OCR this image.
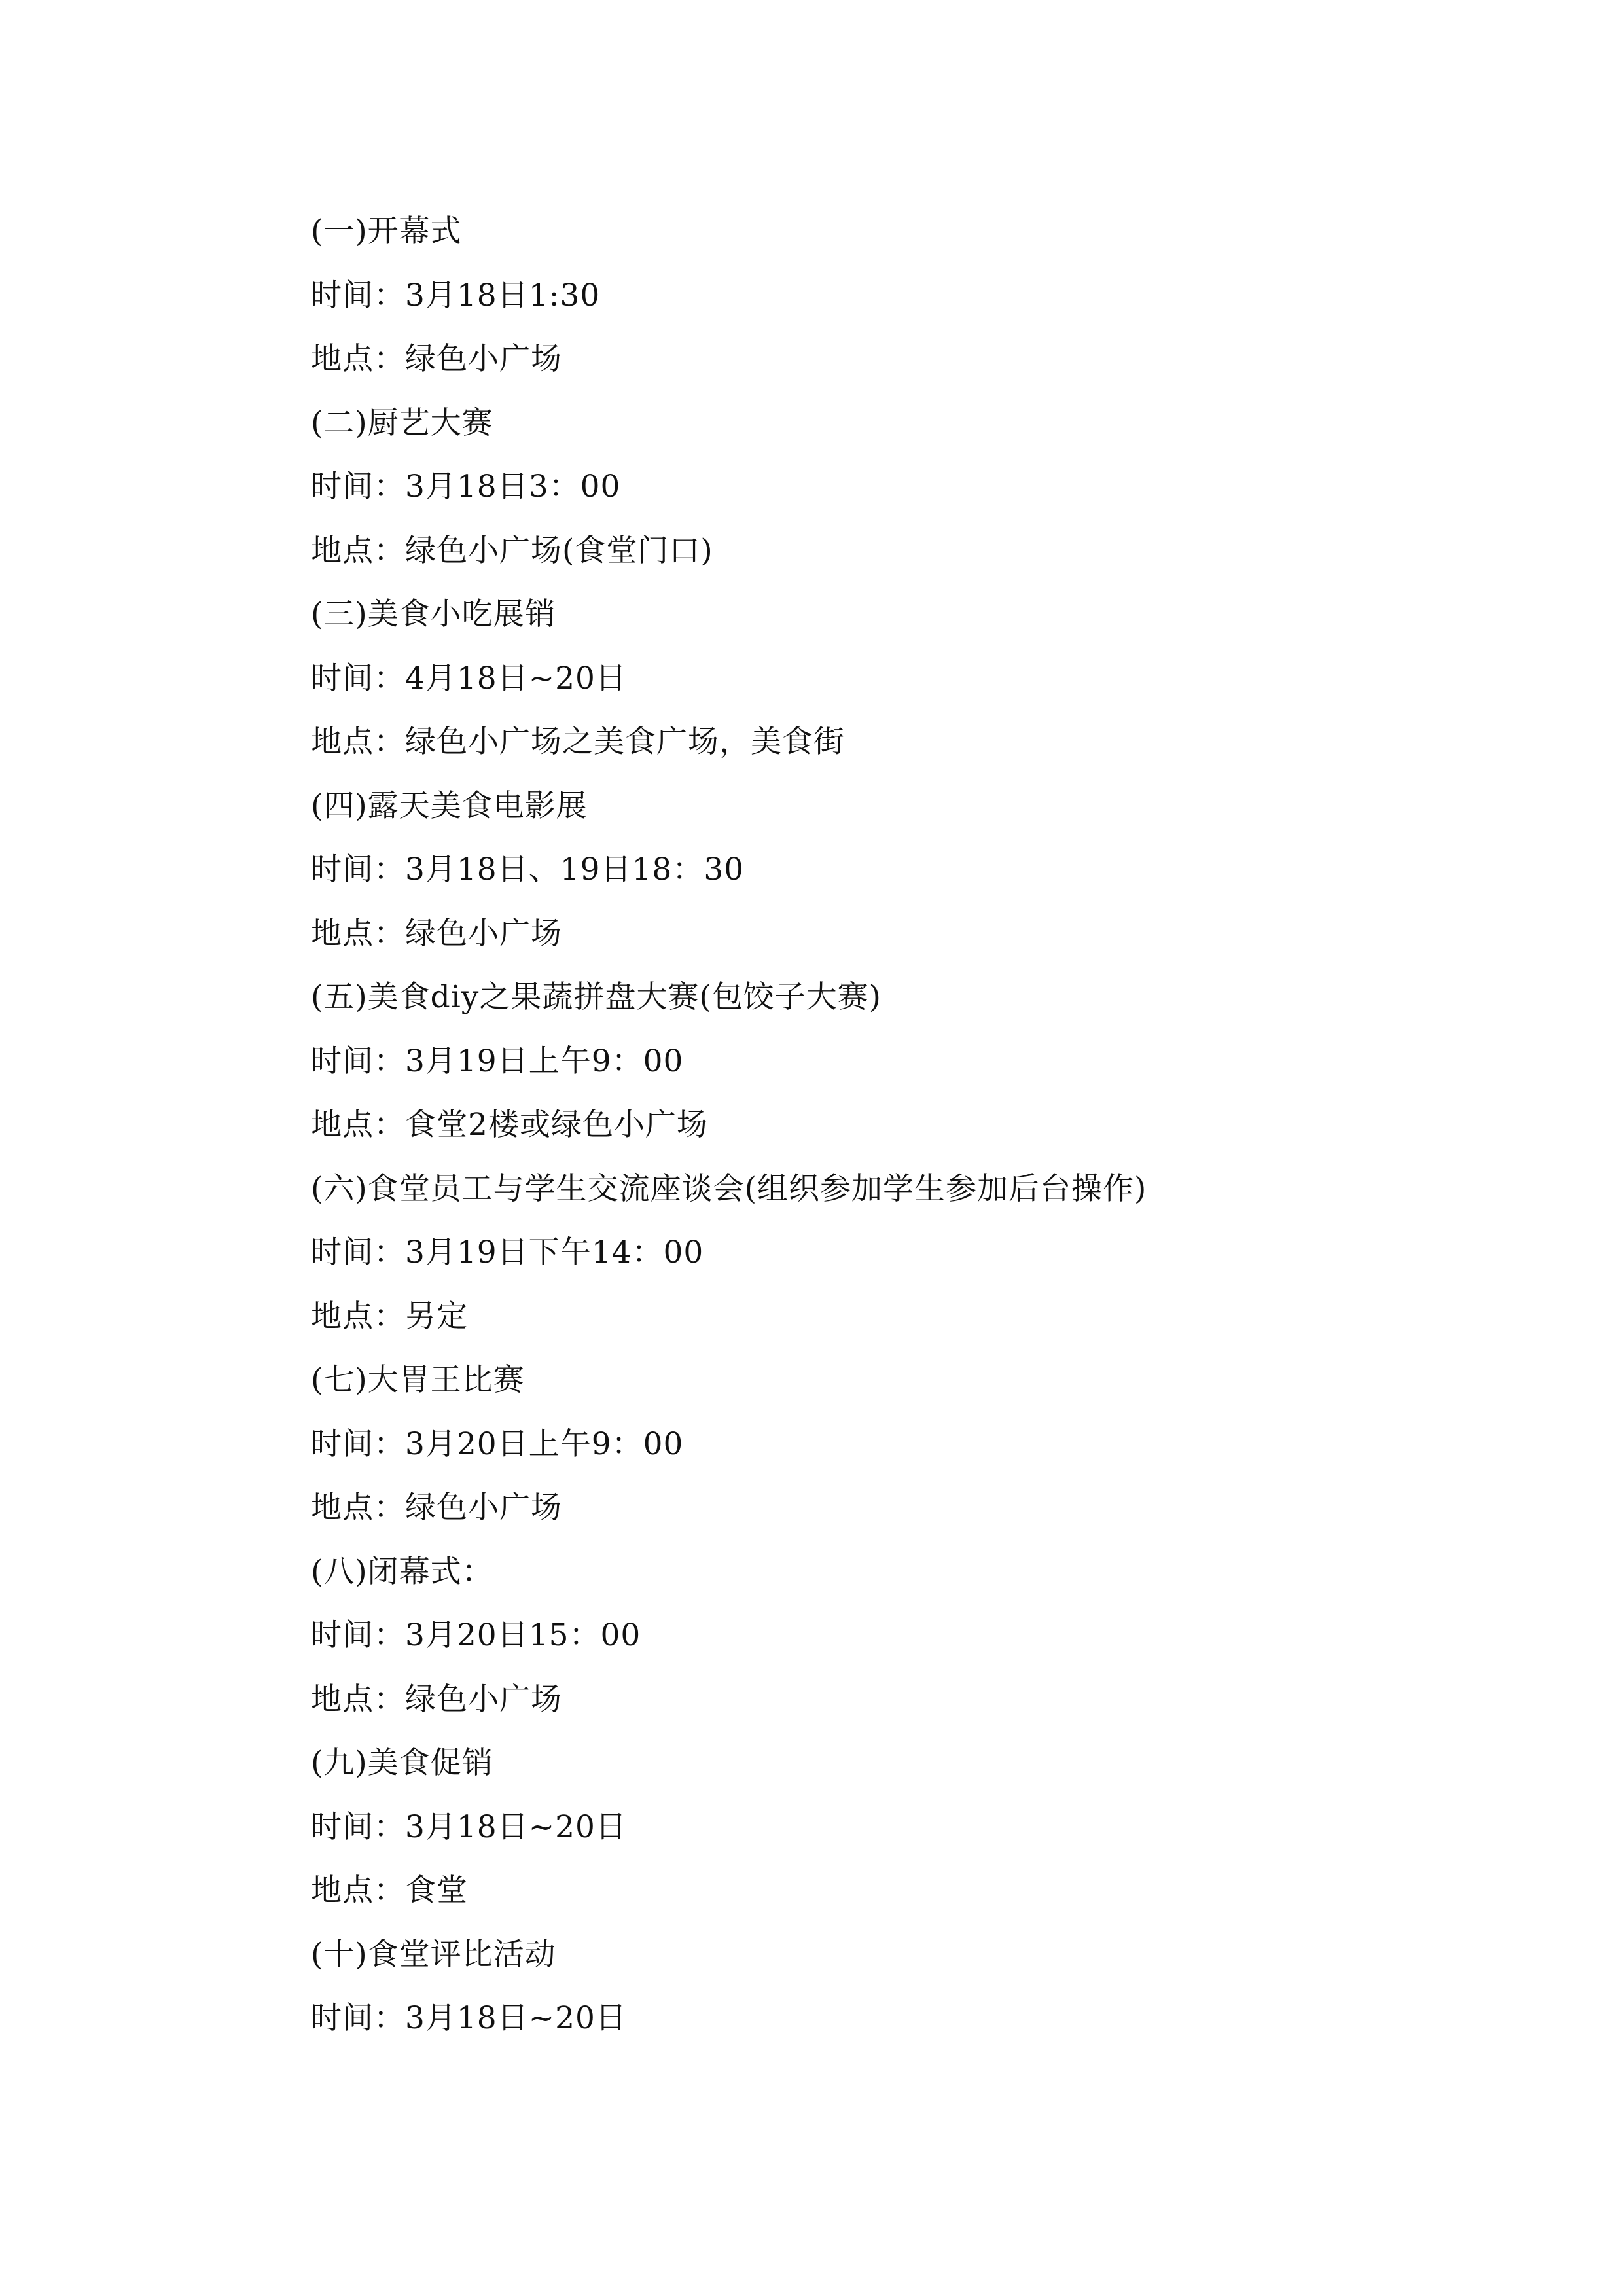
(一)开幕式
时间：3月18日1:30
地点：绿色小广场
(二)厨艺大赛
时间：3月18日3：00
地点：绿色小广场(食堂门口)
(三)美食小吃展销
时间：4月18日~20日
地点：绿色小广场之美食广场，美食街
(四)露天美食电影展
时间：3月18日、19日18：30
地点：绿色小广场
(五)美食diy之果蔬拼盘大赛(包饺子大赛)
时间：3月19日上午9：00
地点：食堂2楼或绿色小广场
(六)食堂员工与学生交流座谈会(组织参加学生参加后台操作)
时间：3月19日下午14：00
地点：另定
(七)大胃王比赛
时间：3月20日上午9：00
地点：绿色小广场
(八)闭幕式：
时间：3月20日15：00
地点：绿色小广场
(九)美食促销
时间：3月18日~20日
地点：食堂
(十)食堂评比活动
时间：3月18日~20日
